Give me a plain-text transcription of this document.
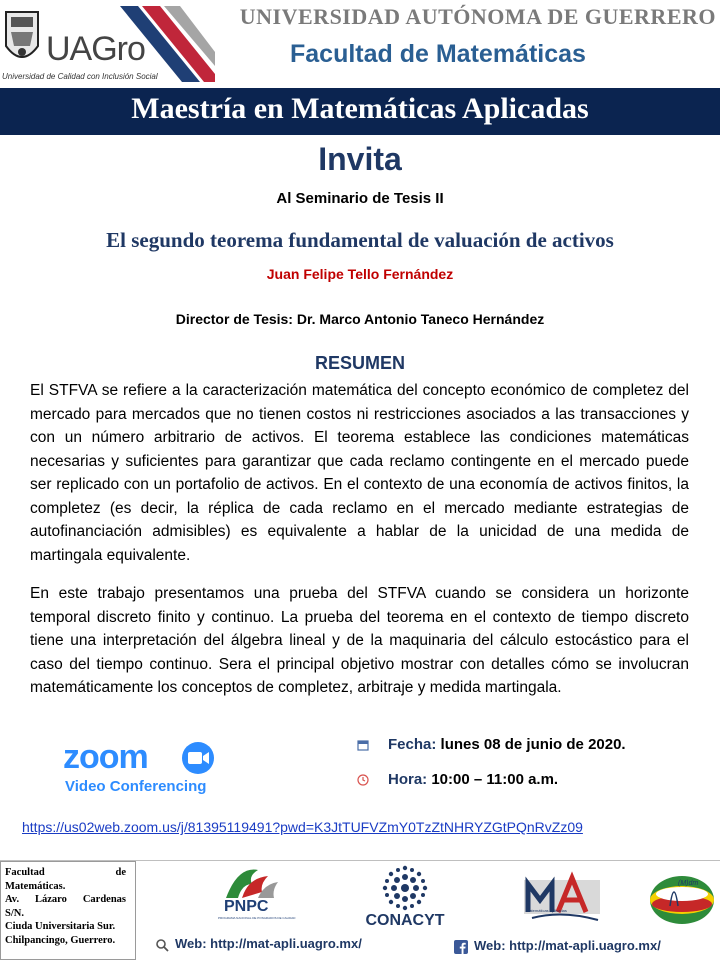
UAGro
Universidad de Calidad con Inclusión Social
UNIVERSIDAD AUTÓNOMA DE GUERRERO
Facultad de Matemáticas
Maestría en Matemáticas Aplicadas
Invita
Al Seminario de Tesis II
El segundo teorema fundamental de valuación de activos
Juan Felipe Tello Fernández
Director de Tesis: Dr. Marco Antonio Taneco Hernández
RESUMEN
El STFVA se refiere a la caracterización matemática del concepto económico de completez del mercado para mercados que no tienen costos ni restricciones asociados a las transacciones y con un número arbitrario de activos. El teorema establece las condiciones matemáticas necesarias y suficientes para garantizar que cada reclamo contingente en el mercado puede ser replicado con un portafolio de activos. En el contexto de una economía de activos finitos, la completez (es decir, la réplica de cada reclamo en el mercado mediante estrategias de autofinanciación admisibles) es equivalente a hablar de la unicidad de una medida de martingala equivalente.
En este trabajo presentamos una prueba del STFVA cuando se considera un horizonte temporal discreto finito y continuo. La prueba del teorema en el contexto de tiempo discreto tiene una interpretación del álgebra lineal y de la maquinaria del cálculo estocástico para el caso del tiempo continuo. Sera el principal objetivo mostrar con detalles cómo se involucran matemáticamente los conceptos de completez, arbitraje y medida martingala.
zoom
Video Conferencing
Fecha: lunes 08 de junio de 2020.
Hora: 10:00 – 11:00 a.m.
https://us02web.zoom.us/j/81395119491?pwd=K3JtTUFVZmY0TzZtNHRYZGtPQnRvZz09
Facultad de
Matemáticas.
Av. Lázaro Cardenas
S/N.
Ciuda Universitaria Sur.
Chilpancingo, Guerrero.
PNPC
PROGRAMA NACIONAL DE POSGRADOS DE CALIDAD	CONACYT
Matemáticas Aplicadas
(M)dm
Web: http://mat-apli.uagro.mx/	Web: http://mat-apli.uagro.mx/
